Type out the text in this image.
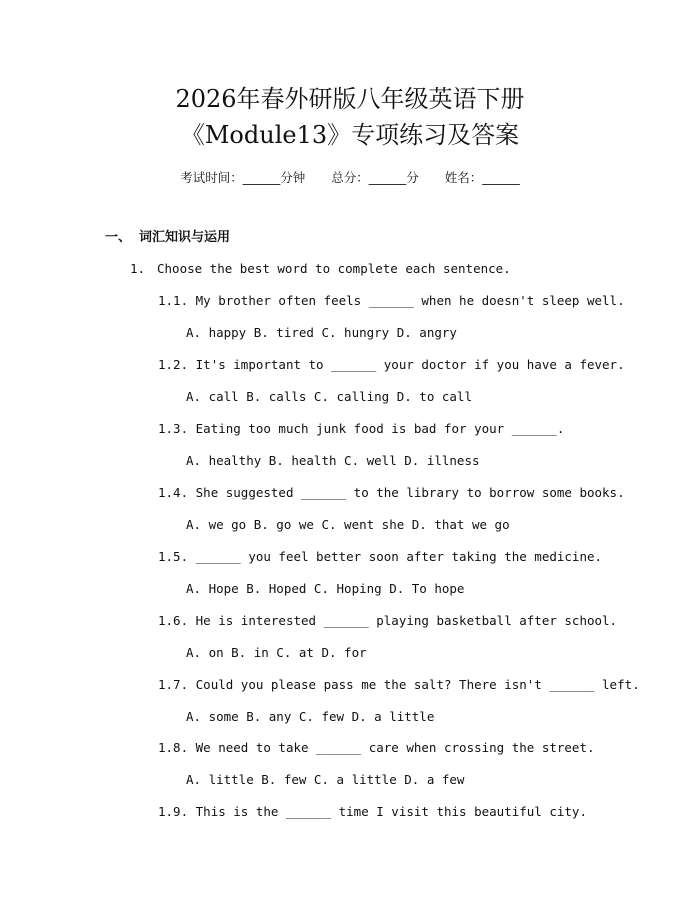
2026年春外研版八年级英语下册
《Module13》专项练习及答案
考试时间：______分钟 总分：______分 姓名：______
一、 词汇知识与运用
1. Choose the best word to complete each sentence.
1.1. My brother often feels ______ when he doesn't sleep well.
A. happy B. tired C. hungry D. angry
1.2. It's important to ______ your doctor if you have a fever.
A. call B. calls C. calling D. to call
1.3. Eating too much junk food is bad for your ______.
A. healthy B. health C. well D. illness
1.4. She suggested ______ to the library to borrow some books.
A. we go B. go we C. went she D. that we go
1.5. ______ you feel better soon after taking the medicine.
A. Hope B. Hoped C. Hoping D. To hope
1.6. He is interested ______ playing basketball after school.
A. on B. in C. at D. for
1.7. Could you please pass me the salt? There isn't ______ left.
A. some B. any C. few D. a little
1.8. We need to take ______ care when crossing the street.
A. little B. few C. a little D. a few
1.9. This is the ______ time I visit this beautiful city.
